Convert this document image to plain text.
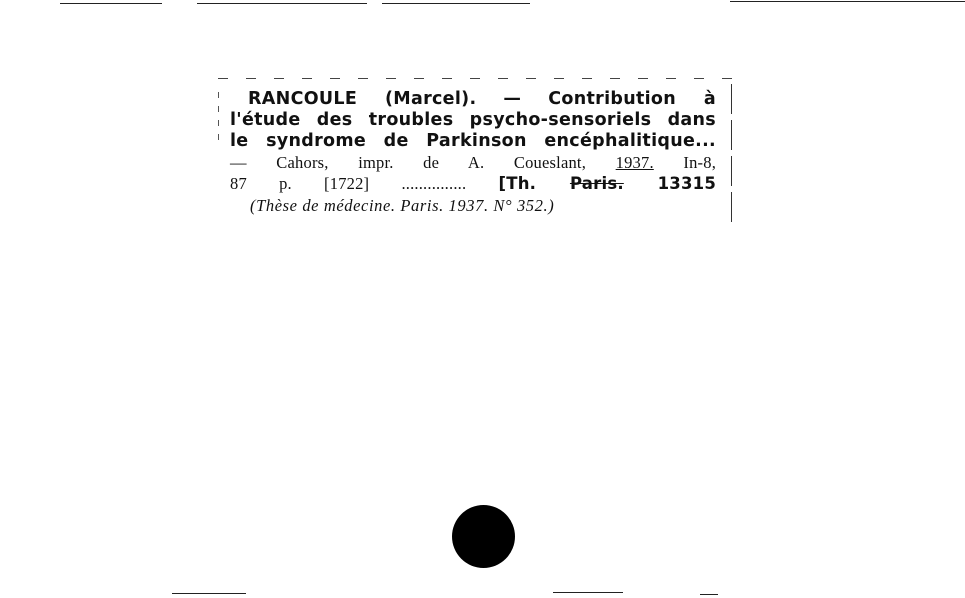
RANCOULE (Marcel). — Contribution à
l'étude des troubles psycho-sensoriels dans
le syndrome de Parkinson encéphalitique...
— Cahors, impr. de A. Coueslant, 1937. In-8,
87 p. [1722] ............... [Th. Paris. 13315
(Thèse de médecine. Paris. 1937. N° 352.)
